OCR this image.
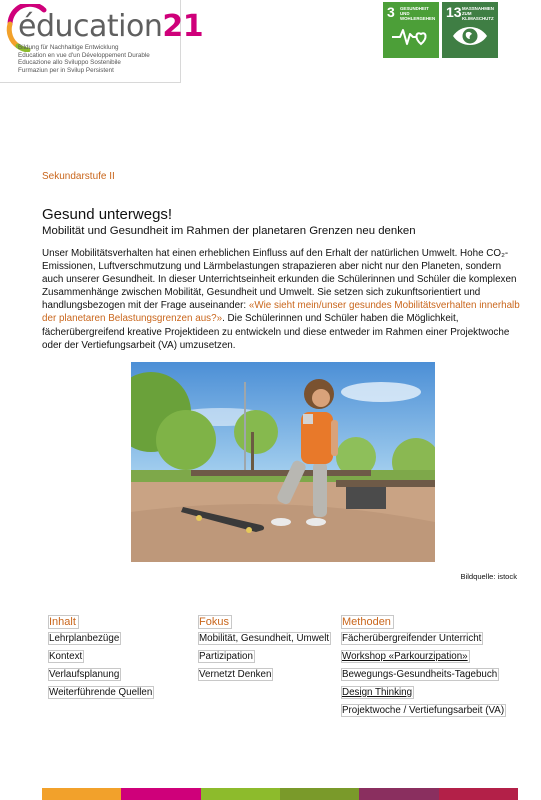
éducation21
Bildung für Nachhaltige Entwicklung
Education en vue d'un Développement Durable
Educazione allo Sviluppo Sostenibile
Furmaziun per in Svilup Persistent
3 GESUNDHEIT UND
WOHLERGEHEN 13 MASSNAHMEN ZUM
KLIMASCHUTZ
Sekundarstufe II
Gesund unterwegs!
Mobilität und Gesundheit im Rahmen der planetaren Grenzen neu denken

Unser Mobilitätsverhalten hat einen erheblichen Einfluss auf den Erhalt der natürlichen Umwelt. Hohe CO₂-Emissionen, Luftverschmutzung und Lärmbelastungen strapazieren aber nicht nur den Planeten, sondern auch unserer Gesundheit. In dieser Unterrichtseinheit erkunden die Schülerinnen und Schüler die komplexen Zusammenhänge zwischen Mobilität, Gesundheit und Umwelt. Sie setzen sich zukunftsorientiert und handlungsbezogen mit der Frage auseinander: «Wie sieht mein/unser gesundes Mobilitätsverhalten innerhalb der planetaren Belastungsgrenzen aus?». Die Schülerinnen und Schüler haben die Möglichkeit, fächerübergreifend kreative Projektideen zu entwickeln und diese entweder im Rahmen einer Projektwoche oder der Vertiefungsarbeit (VA) umzusetzen.

Bildquelle: istock
Inhalt
Lehrplanbezüge
Kontext
Verlaufsplanung
Weiterführende Quellen
Fokus
Mobilität, Gesundheit, Umwelt
Partizipation
Vernetzt Denken
Methoden
Fächerübergreifender Unterricht
Workshop «Parkourzipation»
Bewegungs-Gesundheits-Tagebuch
Design Thinking
Projektwoche / Vertiefungsarbeit (VA)
